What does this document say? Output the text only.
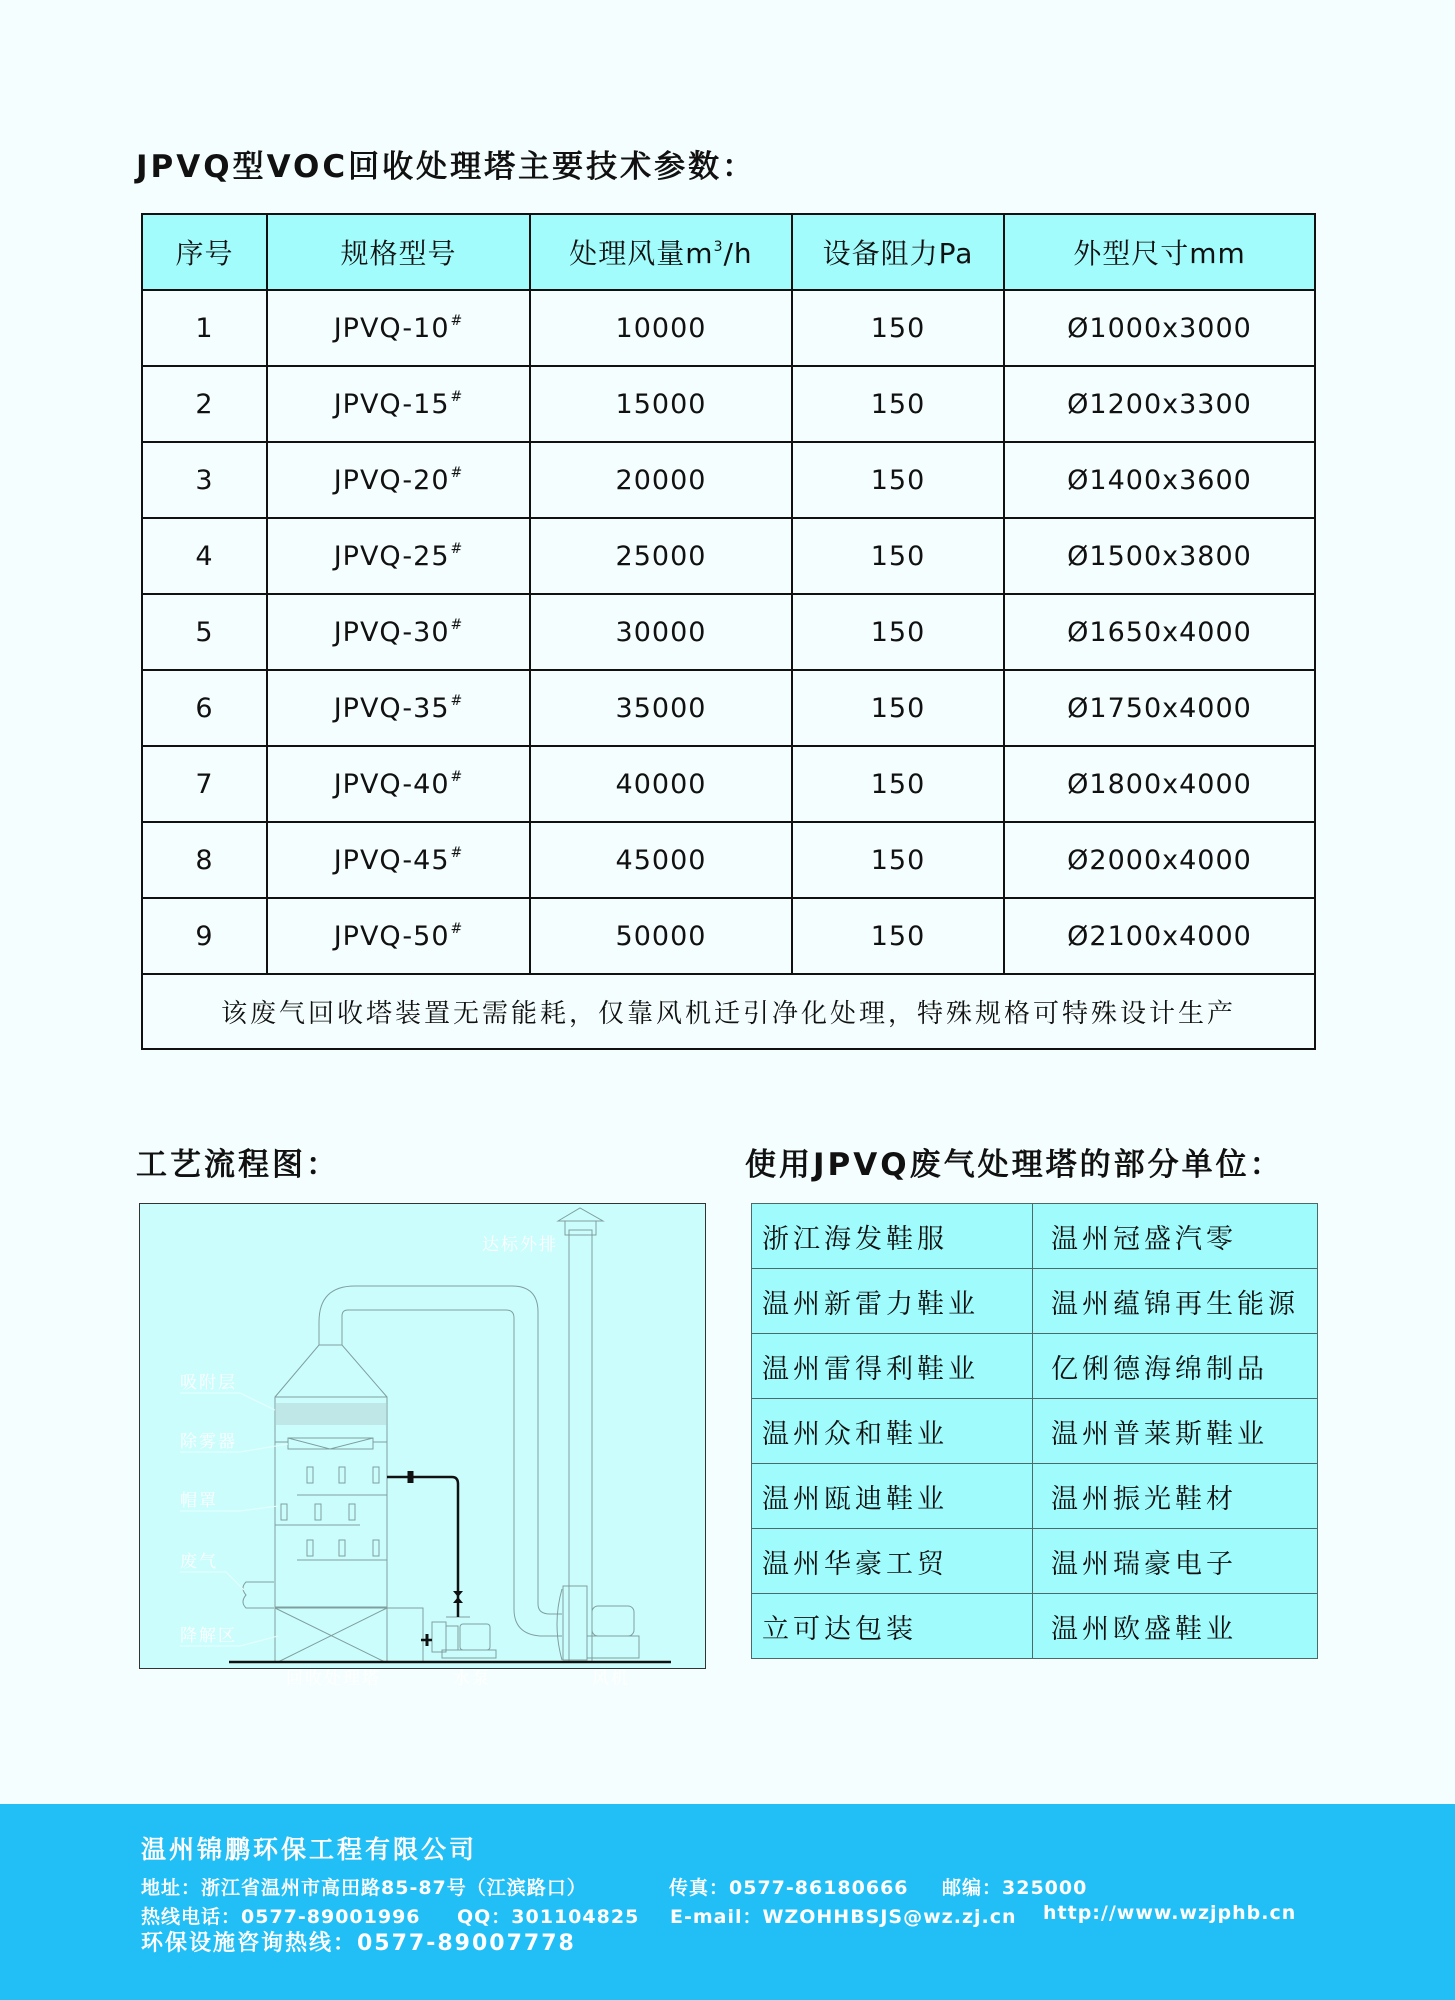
JPVQ型VOC回收处理塔主要技术参数：
序号	规格型号	处理风量$m^3/h$	设备阻力Pa	外型尺寸mm
1	JPVQ-10#	10000	150	Ø1000x3000
2	JPVQ-15#	15000	150	Ø1200x3300
3	JPVQ-20#	20000	150	Ø1400x3600
4	JPVQ-25#	25000	150	Ø1500x3800
5	JPVQ-30#	30000	150	Ø1650x4000
6	JPVQ-35#	35000	150	Ø1750x4000
7	JPVQ-40#	40000	150	Ø1800x4000
8	JPVQ-45#	45000	150	Ø2000x4000
9	JPVQ-50#	50000	150	Ø2100x4000
该废气回收塔装置无需能耗，仅靠风机迁引净化处理，特殊规格可特殊设计生产				
工艺流程图：
达标外排
吸附层
除雾器
帽罩
废气
降解区
回收处理塔	水泵	风机
使用JPVQ废气处理塔的部分单位：
浙江海发鞋服	温州冠盛汽零
温州新雷力鞋业	温州蕴锦再生能源
温州雷得利鞋业	亿俐德海绵制品
温州众和鞋业	温州普莱斯鞋业
温州瓯迪鞋业	温州振光鞋材
温州华豪工贸	温州瑞豪电子
立可达包装	温州欧盛鞋业
温州锦鹏环保工程有限公司
地址：浙江省温州市高田路85-87号（江滨路口）	传真：0577-86180666 邮编：325000
热线电话：0577-89001996 QQ：301104825 E-mail：WZOHHBSJS@wz.zj.cn http://www.wzjphb.cn
环保设施咨询热线：0577-89007778
